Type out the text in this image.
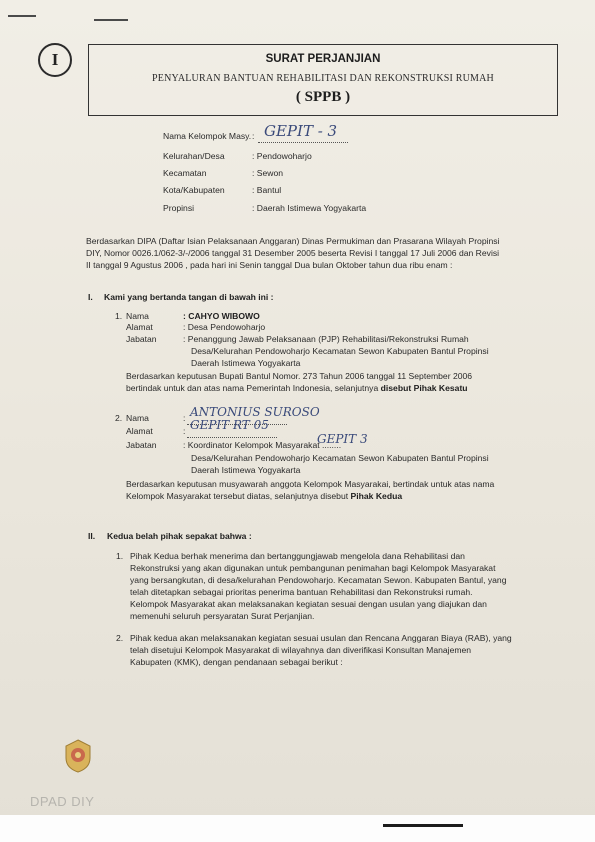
I	SURAT PERJANJIAN
PENYALURAN BANTUAN REHABILITASI DAN REKONSTRUKSI RUMAH
( SPPB )
Nama Kelompok Masy. : GEPIT - 3
Kelurahan/Desa	: Pendowoharjo
Kecamatan	: Sewon
Kota/Kabupaten	: Bantul
Propinsi	: Daerah Istimewa Yogyakarta
Berdasarkan DIPA (Daftar Isian Pelaksanaan Anggaran) Dinas Permukiman dan Prasarana Wilayah Propinsi
DIY, Nomor 0026.1/062-3/-/2006 tanggal 31 Desember 2005 beserta Revisi I tanggal 17 Juli 2006 dan Revisi
II tanggal 9 Agustus 2006 , pada hari ini Senin tanggal Dua bulan Oktober tahun dua ribu enam :
I. Kami yang bertanda tangan di bawah ini :
1. Nama	: CAHYO WIBOWO
Alamat	: Desa Pendowoharjo
Jabatan	: Penanggung Jawab Pelaksanaan (PJP) Rehabilitasi/Rekonstruksi Rumah
Desa/Kelurahan Pendowoharjo Kecamatan Sewon Kabupaten Bantul Propinsi
Daerah Istimewa Yogyakarta
Berdasarkan keputusan Bupati Bantul Nomor. 273 Tahun 2006 tanggal 11 September 2006
bertindak untuk dan atas nama Pemerintah Indonesia, selanjutnya disebut Pihak Kesatu
2. Nama	: ANTONIUS SUROSO
Alamat	: GEPIT RT 05
Jabatan	: Koordinator Kelompok Masyarakat ........
GEPIT 3
Desa/Kelurahan Pendowoharjo Kecamatan Sewon Kabupaten Bantul Propinsi
Daerah Istimewa Yogyakarta
Berdasarkan keputusan musyawarah anggota Kelompok Masyarakai, bertindak untuk atas nama
Kelompok Masyarakat tersebut diatas, selanjutnya disebut Pihak Kedua
II. Kedua belah pihak sepakat bahwa :
1. Pihak Kedua berhak menerima dan bertanggungjawab mengelola dana Rehabilitasi dan
Rekonstruksi yang akan digunakan untuk pembangunan penimahan bagi Kelompok Masyarakat
yang bersangkutan, di desa/kelurahan Pendowoharjo. Kecamatan Sewon. Kabupaten Bantul, yang
telah ditetapkan sebagai prioritas penerima bantuan Rehabilitasi dan Rekonstruksi rumah.
Kelompok Masyarakat akan melaksanakan kegiatan sesuai dengan usulan yang diajukan dan
memenuhi seluruh persyaratan Surat Perjanjian.
2. Pihak kedua akan melaksanakan kegiatan sesuai usulan dan Rencana Anggaran Biaya (RAB), yang
telah disetujui Kelompok Masyarakat di wilayahnya dan diverifikasi Konsultan Manajemen
Kabupaten (KMK), dengan pendanaan sebagai berikut :
DPAD DIY
